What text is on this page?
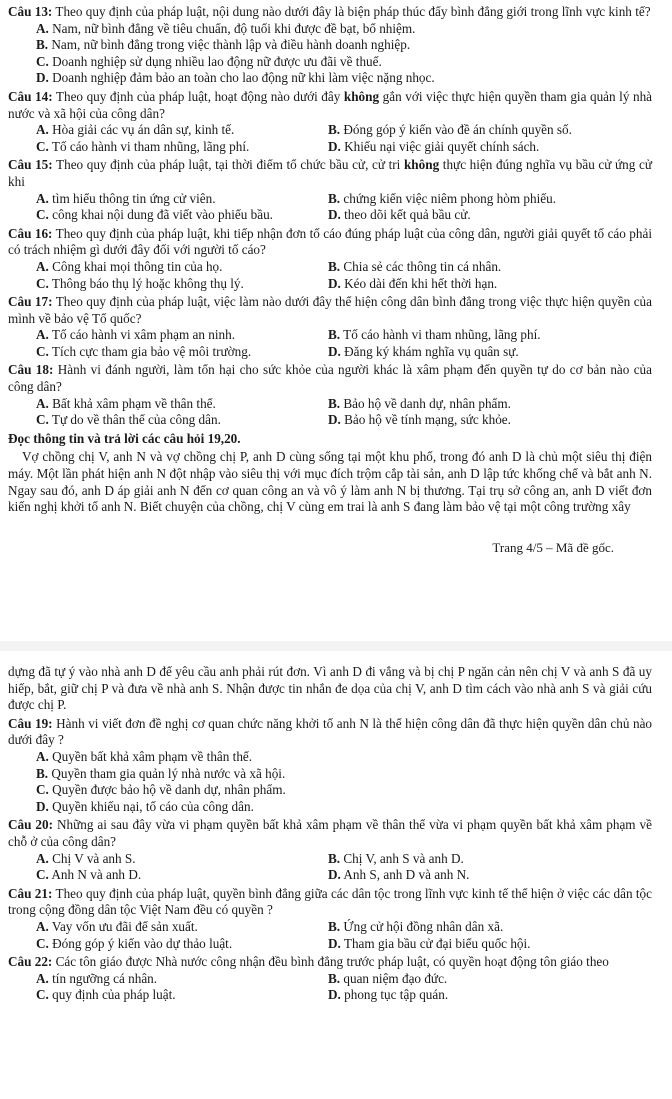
Câu 13: Theo quy định của pháp luật, nội dung nào dưới đây là biện pháp thúc đẩy bình đẳng giới trong lĩnh vực kinh tế?

A. Nam, nữ bình đẳng về tiêu chuẩn, độ tuổi khi được đề bạt, bổ nhiệm.
B. Nam, nữ bình đẳng trong việc thành lập và điều hành doanh nghiệp.
C. Doanh nghiệp sử dụng nhiều lao động nữ được ưu đãi về thuế.
D. Doanh nghiệp đảm bảo an toàn cho lao động nữ khi làm việc nặng nhọc.

Câu 14: Theo quy định của pháp luật, hoạt động nào dưới đây không gắn với việc thực hiện quyền tham gia quản lý nhà nước và xã hội của công dân?

A. Hòa giải các vụ án dân sự, kinh tế.	B. Đóng góp ý kiến vào đề án chính quyền số.
C. Tố cáo hành vi tham nhũng, lãng phí.	D. Khiếu nại việc giải quyết chính sách.

Câu 15: Theo quy định của pháp luật, tại thời điểm tổ chức bầu cử, cử tri không thực hiện đúng nghĩa vụ bầu cử ứng cử khi

A. tìm hiểu thông tin ứng cử viên.	B. chứng kiến việc niêm phong hòm phiếu.
C. công khai nội dung đã viết vào phiếu bầu.	D. theo dõi kết quả bầu cử.

Câu 16: Theo quy định của pháp luật, khi tiếp nhận đơn tố cáo đúng pháp luật của công dân, người giải quyết tố cáo phải có trách nhiệm gì dưới đây đối với người tố cáo?

A. Công khai mọi thông tin của họ.	B. Chia sẻ các thông tin cá nhân.
C. Thông báo thụ lý hoặc không thụ lý.	D. Kéo dài đến khi hết thời hạn.

Câu 17: Theo quy định của pháp luật, việc làm nào dưới đây thể hiện công dân bình đẳng trong việc thực hiện quyền của mình về bảo vệ Tổ quốc?

A. Tố cáo hành vi xâm phạm an ninh.	B. Tố cáo hành vi tham nhũng, lãng phí.
C. Tích cực tham gia bảo vệ môi trường.	D. Đăng ký khám nghĩa vụ quân sự.

Câu 18: Hành vi đánh người, làm tổn hại cho sức khỏe của người khác là xâm phạm đến quyền tự do cơ bản nào của công dân?

A. Bất khả xâm phạm về thân thể.	B. Bảo hộ về danh dự, nhân phẩm.
C. Tự do về thân thể của công dân.	D. Bảo hộ về tính mạng, sức khỏe.

Đọc thông tin và trả lời các câu hỏi 19,20.

Vợ chồng chị V, anh N và vợ chồng chị P, anh D cùng sống tại một khu phố, trong đó anh D là chủ một siêu thị điện máy. Một lần phát hiện anh N đột nhập vào siêu thị với mục đích trộm cắp tài sản, anh D lập tức khống chế và bắt anh N. Ngay sau đó, anh D áp giải anh N đến cơ quan công an và vô ý làm anh N bị thương. Tại trụ sở công an, anh D viết đơn kiến nghị khởi tố anh N. Biết chuyện của chồng, chị V cùng em trai là anh S đang làm bảo vệ tại một công trường xây

Trang 4/5 – Mã đề gốc.

dựng đã tự ý vào nhà anh D để yêu cầu anh phải rút đơn. Vì anh D đi vắng và bị chị P ngăn cản nên chị V và anh S đã uy hiếp, bắt, giữ chị P và đưa về nhà anh S. Nhận được tin nhắn đe dọa của chị V, anh D tìm cách vào nhà anh S và giải cứu được chị P.

Câu 19: Hành vi viết đơn đề nghị cơ quan chức năng khởi tố anh N là thể hiện công dân đã thực hiện quyền dân chủ nào dưới đây ?

A. Quyền bất khả xâm phạm về thân thể.
B. Quyền tham gia quản lý nhà nước và xã hội.
C. Quyền được bảo hộ về danh dự, nhân phẩm.
D. Quyền khiếu nại, tố cáo của công dân.

Câu 20: Những ai sau đây vừa vi phạm quyền bất khả xâm phạm về thân thể vừa vi phạm quyền bất khả xâm phạm về chỗ ở của công dân?

A. Chị V và anh S.	B. Chị V, anh S và anh D.
C. Anh N và anh D.	D. Anh S, anh D và anh N.

Câu 21: Theo quy định của pháp luật, quyền bình đẳng giữa các dân tộc trong lĩnh vực kinh tế thể hiện ở việc các dân tộc trong cộng đồng dân tộc Việt Nam đều có quyền ?

A. Vay vốn ưu đãi để sản xuất.	B. Ứng cử hội đồng nhân dân xã.
C. Đóng góp ý kiến vào dự thảo luật.	D. Tham gia bầu cử đại biểu quốc hội.

Câu 22: Các tôn giáo được Nhà nước công nhận đều bình đẳng trước pháp luật, có quyền hoạt động tôn giáo theo

A. tín ngưỡng cá nhân.	B. quan niệm đạo đức.
C. quy định của pháp luật.	D. phong tục tập quán.
